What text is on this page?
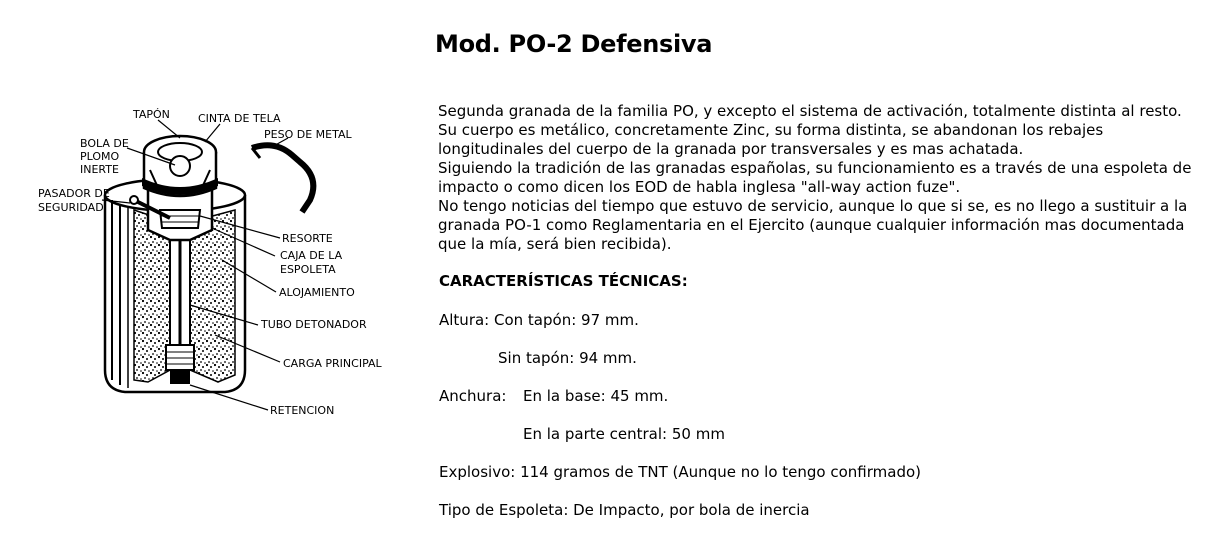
Mod. PO-2 Defensiva
TAPÓN	CINTA DE TELA
PESO DE METAL
BOLA DE
PLOMO
INERTE
PASADOR DE
SEGURIDAD
RESORTE
CAJA DE LA
ESPOLETA
ALOJAMIENTO
TUBO DETONADOR
CARGA PRINCIPAL
RETENCION

Segunda granada de la familia PO, y excepto el sistema de activación, totalmente distinta al resto. Su cuerpo es metálico, concretamente Zinc, su forma distinta, se abandonan los rebajes longitudinales del cuerpo de la granada por transversales y es mas achatada.

Siguiendo la tradición de las granadas españolas, su funcionamiento es a través de una espoleta de impacto o como dicen los EOD de habla inglesa "all-way action fuze".

No tengo noticias del tiempo que estuvo de servicio, aunque lo que si se, es no llego a sustituir a la granada PO-1 como Reglamentaria en el Ejercito (aunque cualquier información mas documentada que la mía, será bien recibida).

CARACTERÍSTICAS TÉCNICAS:
Altura: Con tapón: 97 mm.
Sin tapón: 94 mm.
Anchura: En la base: 45 mm.
En la parte central: 50 mm
Explosivo: 114 gramos de TNT (Aunque no lo tengo confirmado)
Tipo de Espoleta: De Impacto, por bola de inercia
